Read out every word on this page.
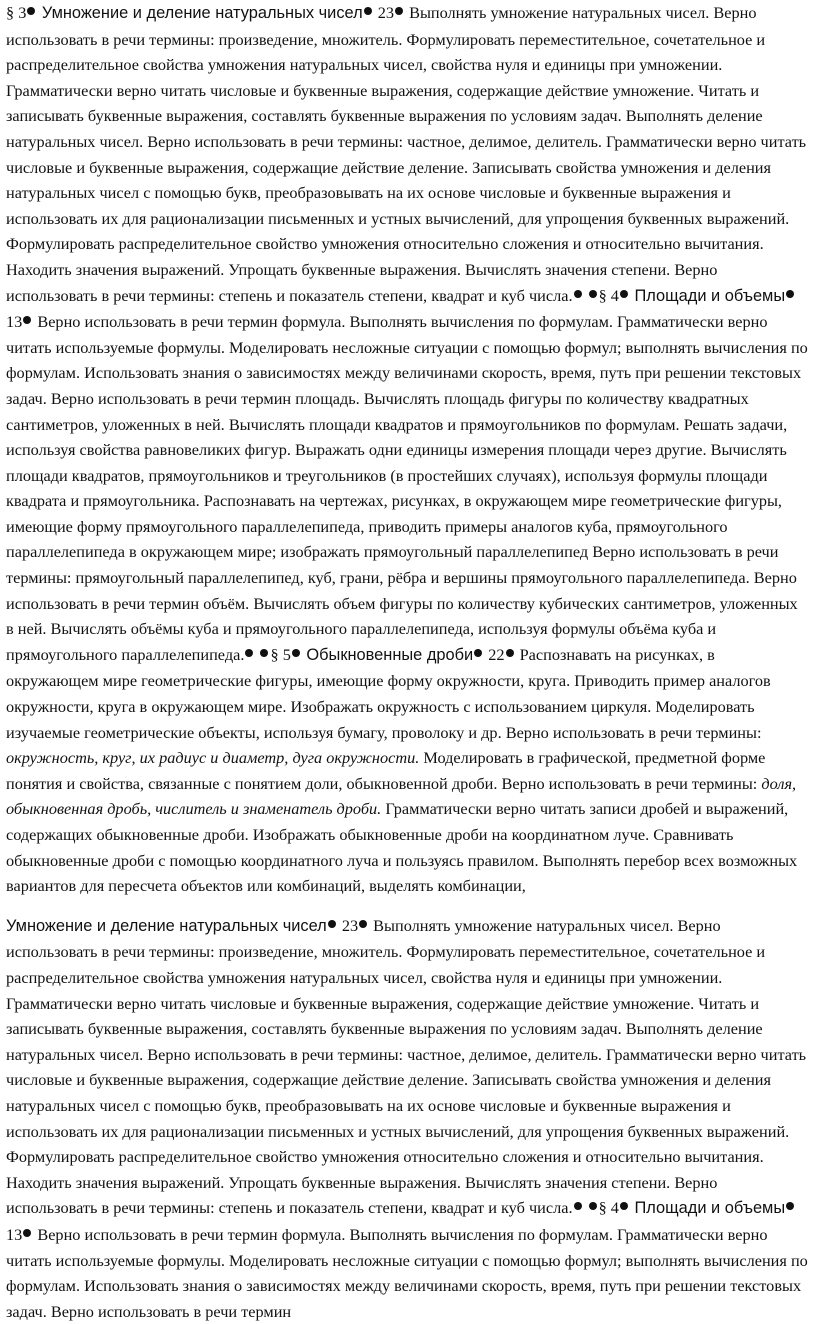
§ 3 Умножение и деление натуральных чисел 23 Выполнять умножение натуральных чисел. Верно использовать в речи термины: произведение, множитель. Формулировать переместительное, сочетательное и распределительное свойства умножения натуральных чисел, свойства нуля и единицы при умножении. Грамматически верно читать числовые и буквенные выражения, содержащие действие умножение. Читать и записывать буквенные выражения, составлять буквенные выражения по условиям задач. Выполнять деление натуральных чисел. Верно использовать в речи термины: частное, делимое, делитель. Грамматически верно читать числовые и буквенные выражения, содержащие действие деление. Записывать свойства умножения и деления натуральных чисел с помощью букв, преобразовывать на их основе числовые и буквенные выражения и использовать их для рационализации письменных и устных вычислений, для упрощения буквенных выражений. Формулировать распределительное свойство умножения относительно сложения и относительно вычитания. Находить значения выражений. Упрощать буквенные выражения. Вычислять значения степени. Верно использовать в речи термины: степень и показатель степени, квадрат и куб числа. § 4 Площади и объемы 13 Верно использовать в речи термин формула. Выполнять вычисления по формулам. Грамматически верно читать используемые формулы. Моделировать несложные ситуации с помощью формул; выполнять вычисления по формулам. Использовать знания о зависимостях между величинами скорость, время, путь при решении текстовых задач. Верно использовать в речи термин площадь. Вычислять площадь фигуры по количеству квадратных сантиметров, уложенных в ней. Вычислять площади квадратов и прямоугольников по формулам. Решать задачи, используя свойства равновеликих фигур. Выражать одни единицы измерения площади через другие. Вычислять площади квадратов, прямоугольников и треугольников (в простейших случаях), используя формулы площади квадрата и прямоугольника. Распознавать на чертежах, рисунках, в окружающем мире геометрические фигуры, имеющие форму прямоугольного параллелепипеда, приводить примеры аналогов куба, прямоугольного параллелепипеда в окружающем мире; изображать прямоугольный параллелепипед Верно использовать в речи термины: прямоугольный параллелепипед, куб, грани, рёбра и вершины прямоугольного параллелепипеда. Верно использовать в речи термин объём. Вычислять объем фигуры по количеству кубических сантиметров, уложенных в ней. Вычислять объёмы куба и прямоугольного параллелепипеда, используя формулы объёма куба и прямоугольного параллелепипеда. § 5 Обыкновенные дроби 22 Распознавать на рисунках, в окружающем мире геометрические фигуры, имеющие форму окружности, круга. Приводить пример аналогов окружности, круга в окружающем мире. Изображать окружность с использованием циркуля. Моделировать изучаемые геометрические объекты, используя бумагу, проволоку и др. Верно использовать в речи термины: окружность, круг, их радиус и диаметр, дуга окружности. Моделировать в графической, предметной форме понятия и свойства, связанные с понятием доли, обыкновенной дроби. Верно использовать в речи термины: доля, обыкновенная дробь, числитель и знаменатель дроби. Грамматически верно читать записи дробей и выражений, содержащих обыкновенные дроби. Изображать обыкновенные дроби на координатном луче. Сравнивать обыкновенные дроби с помощью координатного луча и пользуясь правилом. Выполнять перебор всех возможных вариантов для пересчета объектов или комбинаций, выделять комбинации,

Умножение и деление натуральных чисел 23 Выполнять умножение натуральных чисел. Верно использовать в речи термины: произведение, множитель. Формулировать переместительное, сочетательное и распределительное свойства умножения натуральных чисел, свойства нуля и единицы при умножении. Грамматически верно читать числовые и буквенные выражения, содержащие действие умножение. Читать и записывать буквенные выражения, составлять буквенные выражения по условиям задач. Выполнять деление натуральных чисел. Верно использовать в речи термины: частное, делимое, делитель. Грамматически верно читать числовые и буквенные выражения, содержащие действие деление. Записывать свойства умножения и деления натуральных чисел с помощью букв, преобразовывать на их основе числовые и буквенные выражения и использовать их для рационализации письменных и устных вычислений, для упрощения буквенных выражений. Формулировать распределительное свойство умножения относительно сложения и относительно вычитания. Находить значения выражений. Упрощать буквенные выражения. Вычислять значения степени. Верно использовать в речи термины: степень и показатель степени, квадрат и куб числа. § 4 Площади и объемы 13 Верно использовать в речи термин формула. Выполнять вычисления по формулам. Грамматически верно читать используемые формулы. Моделировать несложные ситуации с помощью формул; выполнять вычисления по формулам. Использовать знания о зависимостях между величинами скорость, время, путь при решении текстовых задач. Верно использовать в речи термин
